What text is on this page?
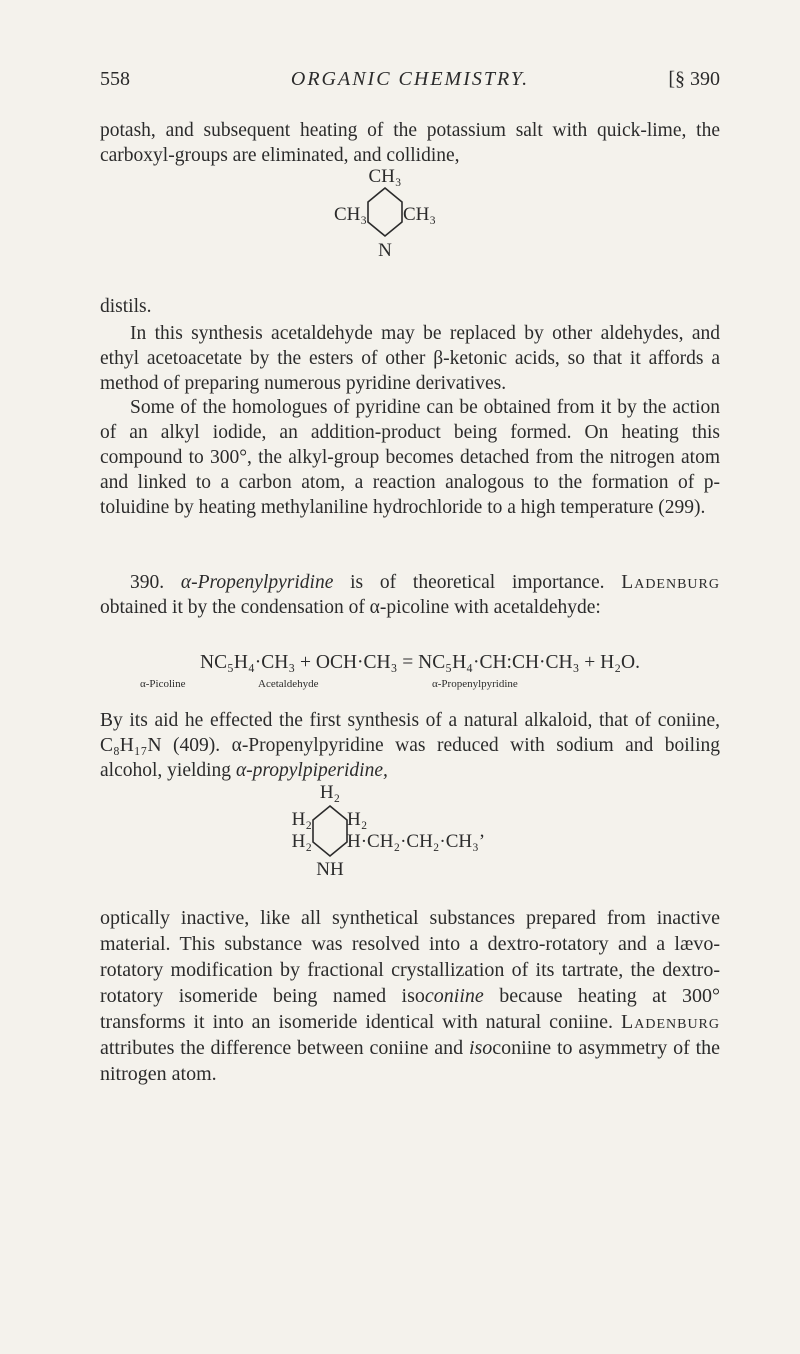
558	ORGANIC CHEMISTRY.	[§ 390

potash, and subsequent heating of the potassium salt with quick-lime, the carboxyl-groups are eliminated, and collidine,

CH₃
CH₃ CH₃
N

distils.

In this synthesis acetaldehyde may be replaced by other aldehydes, and ethyl acetoacetate by the esters of other β-ketonic acids, so that it affords a method of preparing numerous pyridine derivatives.

Some of the homologues of pyridine can be obtained from it by the action of an alkyl iodide, an addition-product being formed. On heating this compound to 300°, the alkyl-group becomes detached from the nitrogen atom and linked to a carbon atom, a reaction analogous to the formation of p-toluidine by heating methylaniline hydrochloride to a high temperature (299).

390. α-Propenylpyridine is of theoretical importance. Ladenburg obtained it by the condensation of α-picoline with acetaldehyde:

NC₅H₄·CH₃ + OCH·CH₃ = NC₅H₄·CH:CH·CH₃ + H₂O.
α-Picoline	Acetaldehyde	α-Propenylpyridine

By its aid he effected the first synthesis of a natural alkaloid, that of coniine, C₈H₁₇N (409). α-Propenylpyridine was reduced with sodium and boiling alcohol, yielding α-propylpiperidine,

H₂
H₂ H₂
H₂ H·CH₂·CH₂·CH₃’
NH

optically inactive, like all synthetical substances prepared from inactive material. This substance was resolved into a dextro-rotatory and a lævo-rotatory modification by fractional crystallization of its tartrate, the dextro-rotatory isomeride being named isoconiine because heating at 300° transforms it into an isomeride identical with natural coniine. Ladenburg attributes the difference between coniine and isoconiine to asymmetry of the nitrogen atom.
